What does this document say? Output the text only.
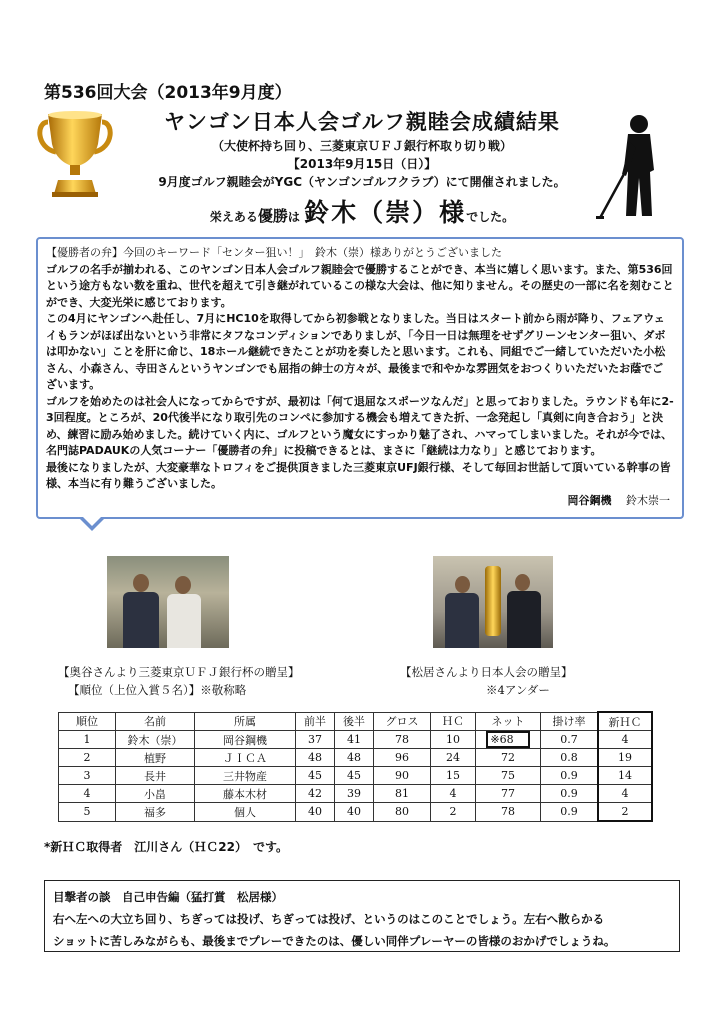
第536回大会（2013年9月度）
ヤンゴン日本人会ゴルフ親睦会成績結果
（大使杯持ち回り、三菱東京ＵＦＪ銀行杯取り切り戦）
【2013年9月15日（日）】
9月度ゴルフ親睦会がYGC（ヤンゴンゴルフクラブ）にて開催されました。
栄えある優勝は 鈴木（崇）様でした。
【優勝者の弁】今回のキーワード「センター狙い！」　鈴木（崇）様ありがとうございました
ゴルフの名手が揃われる、このヤンゴン日本人会ゴルフ親睦会で優勝することができ、本当に嬉しく思います。また、第536回という途方もない数を重ね、世代を超えて引き継がれているこの様な大会は、他に知りません。その歴史の一部に名を刻むことができ、大変光栄に感じております。
この4月にヤンゴンへ赴任し、7月にHC10を取得してから初参戦となりました。当日はスタート前から雨が降り、フェアウェイもランがほぼ出ないという非常にタフなコンディションでありましが、「今日一日は無理をせずグリーンセンター狙い、ダボは叩かない」ことを肝に命じ、18ホール継続できたことが功を奏したと思います。これも、同組でご一緒していただいた小松さん、小森さん、寺田さんというヤンゴンでも屈指の紳士の方々が、最後まで和やかな雰囲気をおつくりいただいたお蔭でございます。
ゴルフを始めたのは社会人になってからですが、最初は「何て退屈なスポーツなんだ」と思っておりました。ラウンドも年に2-3回程度。ところが、20代後半になり取引先のコンペに参加する機会も増えてきた折、一念発起し「真剣に向き合おう」と決め、練習に励み始めました。続けていく内に、ゴルフという魔女にすっかり魅了され、ハマってしまいました。それが今では、名門誌PADAUKの人気コーナー「優勝者の弁」に投稿できるとは、まさに「継続は力なり」と感じております。
最後になりましたが、大変豪華なトロフィをご提供頂きました三菱東京UFJ銀行様、そして毎回お世話して頂いている幹事の皆様、本当に有り難うございました。
岡谷鋼機　 鈴木崇一
【奥谷さんより三菱東京ＵＦＪ銀行杯の贈呈】	【松居さんより日本人会の贈呈】
【順位（上位入賞５名）】※敬称略	※4アンダー
順位	名前	所属	前半	後半	グロス	ＨＣ	ネット	掛け率	新ＨＣ
1	鈴木（崇）	岡谷鋼機	37	41	78	10	※68	0.7	4
2	植野	ＪＩＣＡ	48	48	96	24	72	0.8	19
3	長井	三井物産	45	45	90	15	75	0.9	14
4	小畠	藤本木材	42	39	81	4	77	0.9	4
5	福多	個人	40	40	80	2	78	0.9	2
*新ＨＣ取得者　江川さん（ＨＣ22）　です。
目撃者の談　自己申告編（猛打賞　松居様）
右へ左への大立ち回り、ちぎっては投げ、ちぎっては投げ、というのはこのことでしょう。左右へ散らかる
ショットに苦しみながらも、最後までプレーできたのは、優しい同伴プレーヤーの皆様のおかげでしょうね。
